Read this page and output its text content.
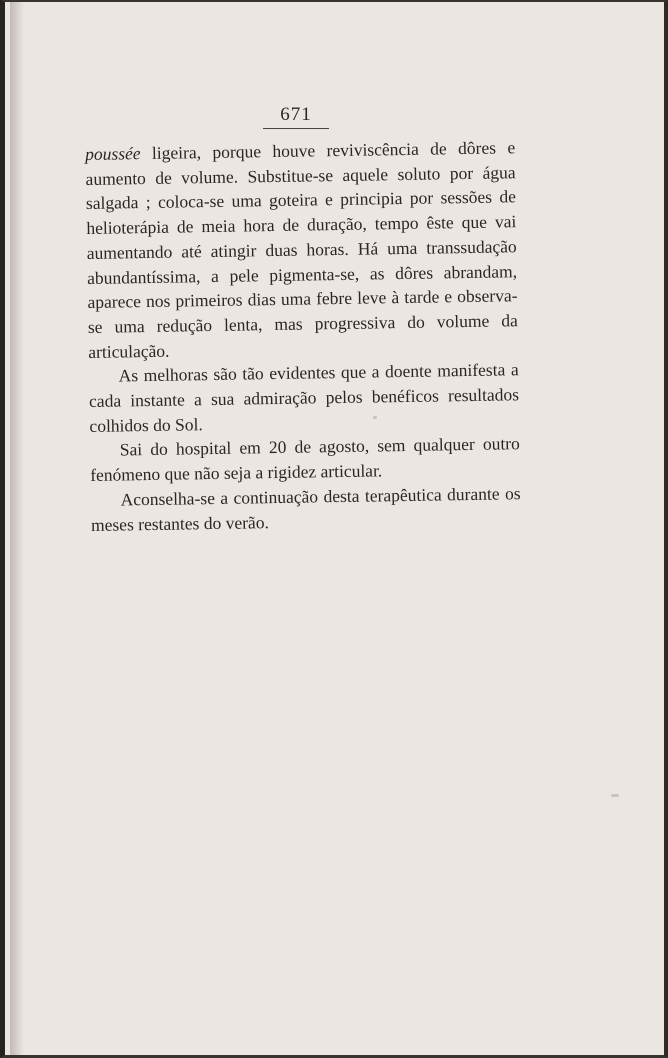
671

poussée ligeira, porque houve reviviscência de dôres e aumento de volume. Substitue-se aquele soluto por água salgada ; coloca-se uma goteira e principia por sessões de helioterápia de meia hora de duração, tempo êste que vai aumentando até atingir duas horas. Há uma transsudação abundantíssima, a pele pigmenta-se, as dôres abrandam, aparece nos primeiros dias uma febre leve à tarde e observa-se uma redução lenta, mas progressiva do volume da articulação.

As melhoras são tão evidentes que a doente manifesta a cada instante a sua admiração pelos benéficos resultados colhidos do Sol.

Sai do hospital em 20 de agosto, sem qualquer outro fenómeno que não seja a rigidez articular.

Aconselha-se a continuação desta terapêutica durante os meses restantes do verão.
